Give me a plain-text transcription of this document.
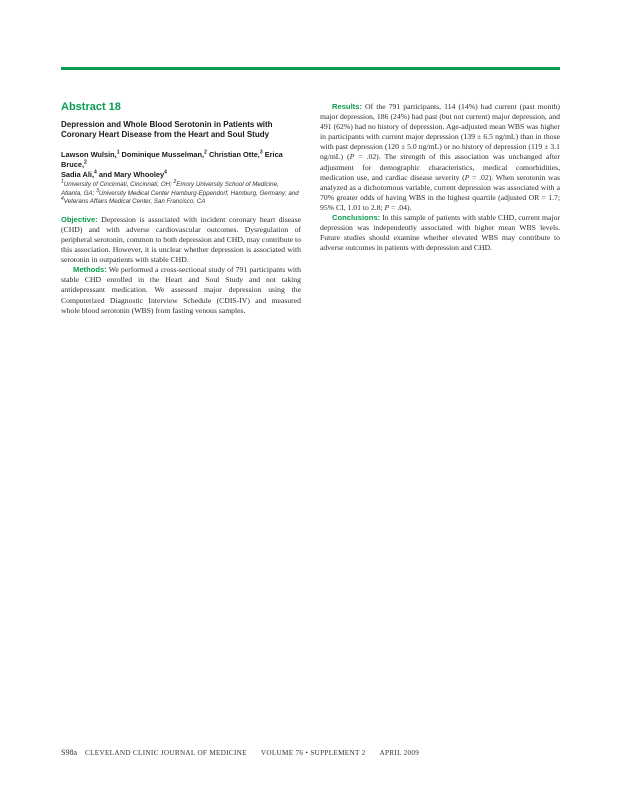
Abstract 18
Depression and Whole Blood Serotonin in Patients with Coronary Heart Disease from the Heart and Soul Study
Lawson Wulsin,$^1$ Dominique Musselman,$^2$ Christian Otte,$^3$ Erica Bruce,$^2$
Sadia Ali,$^4$ and Mary Whooley$^4$
$^1$University of Cincinnati, Cincinnati, OH; $^2$Emory University School of Medicine, Atlanta, GA; $^3$University Medical Center Hamburg-Eppendorf, Hamburg, Germany; and $^4$Veterans Affairs Medical Center, San Francisco, CA

Objective: Depression is associated with incident coronary heart disease (CHD) and with adverse cardiovascular outcomes. Dysregulation of peripheral serotonin, common to both depression and CHD, may contribute to this association. However, it is unclear whether depression is associated with serotonin in outpatients with stable CHD.

Methods: We performed a cross-sectional study of 791 participants with stable CHD enrolled in the Heart and Soul Study and not taking antidepressant medication. We assessed major depression using the Computerized Diagnostic Interview Schedule (CDIS-IV) and measured whole blood serotonin (WBS) from fasting venous samples.

Results: Of the 791 participants, 114 (14%) had current (past month) major depression, 186 (24%) had past (but not current) major depression, and 491 (62%) had no history of depression. Age-adjusted mean WBS was higher in participants with current major depression (139 ± 6.5 ng/mL) than in those with past depression (120 ± 5.0 ng/mL) or no history of depression (119 ± 3.1 ng/mL) (P = .02). The strength of this association was unchanged after adjustment for demographic characteristics, medical comorbidities, medication use, and cardiac disease severity (P = .02). When serotonin was analyzed as a dichotomous variable, current depression was associated with a 70% greater odds of having WBS in the highest quartile (adjusted OR = 1.7; 95% CI, 1.01 to 2.8; P = .04).

Conclusions: In this sample of patients with stable CHD, current major depression was independently associated with higher mean WBS levels. Future studies should examine whether elevated WBS may contribute to adverse outcomes in patients with depression and CHD.

S98a CLEVELAND CLINIC JOURNAL OF MEDICINE VOLUME 76 • SUPPLEMENT 2 APRIL 2009
